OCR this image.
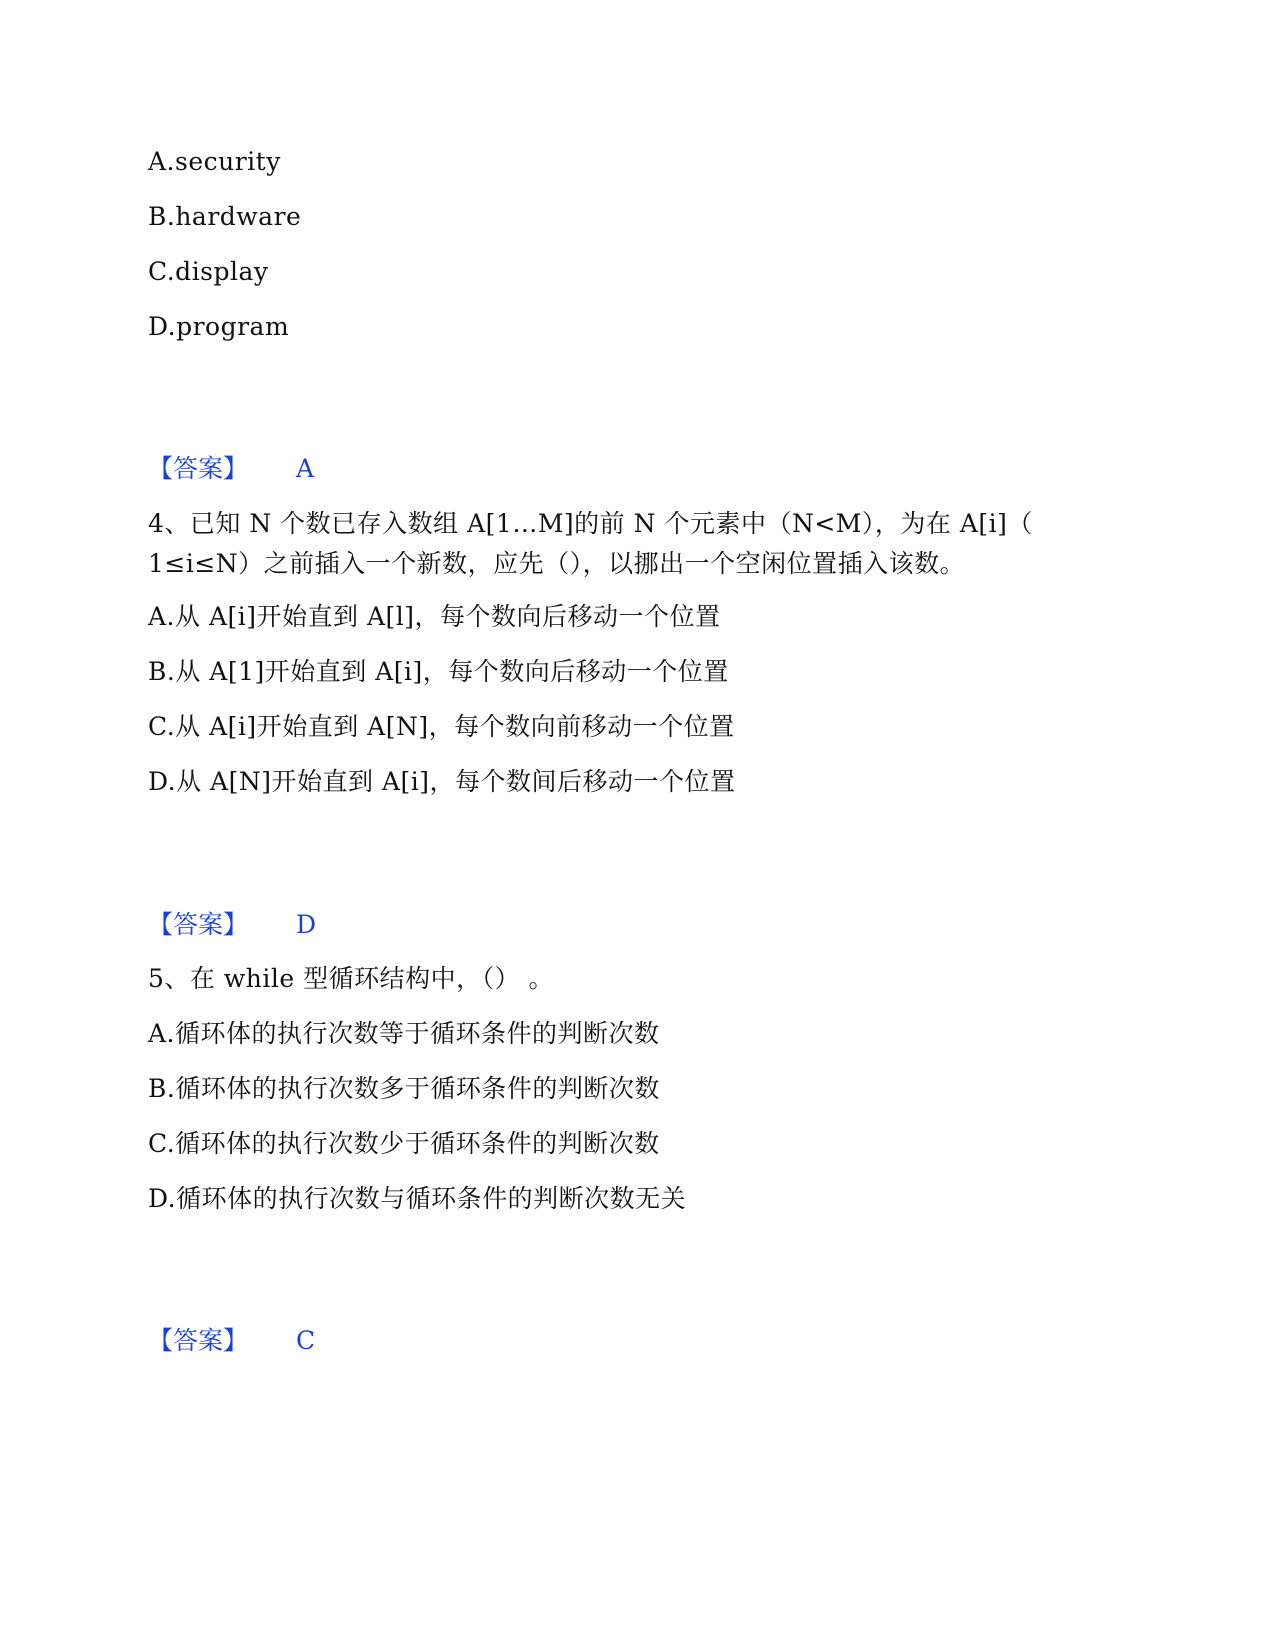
A.security
B.hardware
C.display
D.program
【答案】 A
4、已知 N 个数已存入数组 A[1…M]的前 N 个元素中（N<M），为在 A[i]（
1≤i≤N）之前插入一个新数，应先（），以挪出一个空闲位置插入该数。
A.从 A[i]开始直到 A[l]，每个数向后移动一个位置
B.从 A[1]开始直到 A[i]，每个数向后移动一个位置
C.从 A[i]开始直到 A[N]，每个数向前移动一个位置
D.从 A[N]开始直到 A[i]，每个数间后移动一个位置
【答案】 D
5、在 while 型循环结构中，（） 。
A.循环体的执行次数等于循环条件的判断次数
B.循环体的执行次数多于循环条件的判断次数
C.循环体的执行次数少于循环条件的判断次数
D.循环体的执行次数与循环条件的判断次数无关
【答案】 C
